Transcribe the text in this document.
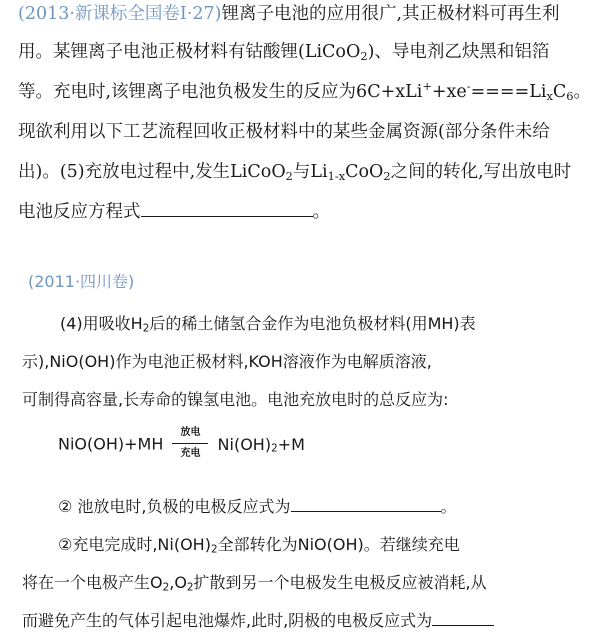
(2013·新课标全国卷Ⅰ·27)锂离子电池的应用很广,其正极材料可再生利
用。某锂离子电池正极材料有钴酸锂(LiCoO$_2$)、导电剂乙炔黑和铝箔
等。充电时,该锂离子电池负极发生的反应为$6C+xLi^++xe^-====Li_xC_6$。
现欲利用以下工艺流程回收正极材料中的某些金属资源(部分条件未给
出)。(5)充放电过程中,发生LiCoO$_2$与$Li_{1-x}CoO_2$之间的转化,写出放电时
电池反应方程式	。
(2011·四川卷)
(4)用吸收$H_2$后的稀土储氢合金作为电池负极材料(用MH)表
示),NiO(OH)作为电池正极材料,KOH溶液作为电解质溶液,
可制得高容量,长寿命的镍氢电池。电池充放电时的总反应为:
NiO(OH)+MH
放电
充电	$Ni(OH)_2+M$
② 池放电时,负极的电极反应式为	。
②充电完成时$,Ni(OH)_2$全部转化为NiO(OH)。若继续充电
将在一个电极产生$O_2,O_2$扩散到另一个电极发生电极反应被消耗,从
而避免产生的气体引起电池爆炸,此时,阴极的电极反应式为
